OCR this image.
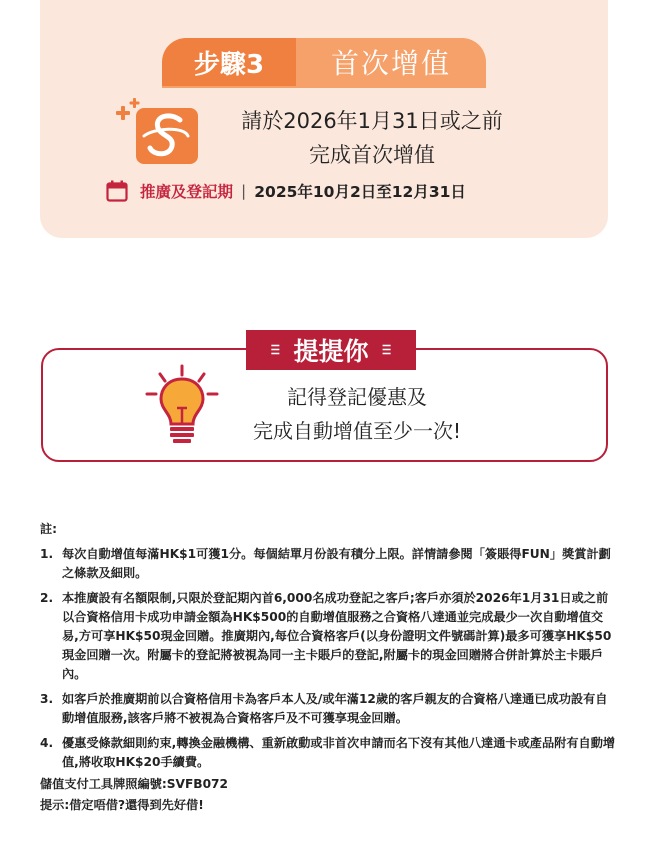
步驟3	首次增值
請於2026年1月31日或之前
完成首次增值
推廣及登記期 | 2025年10月2日至12月31日
Ⲷ 提提你 Ⲷ
記得登記優惠及
完成自動增值至少一次!
註:
1. 每次自動增值每滿HK$1可獲1分。每個結單月份設有積分上限。詳情請參閱「簽賬得FUN」獎賞計劃之條款及細則。
2. 本推廣設有名額限制,只限於登記期內首6,000名成功登記之客戶;客戶亦須於2026年1月31日或之前以合資格信用卡成功申請金額為HK$500的自動增值服務之合資格八達通並完成最少一次自動增值交易,方可享HK$50現金回贈。推廣期內,每位合資格客戶(以身份證明文件號碼計算)最多可獲享HK$50現金回贈一次。附屬卡的登記將被視為同一主卡賬戶的登記,附屬卡的現金回贈將合併計算於主卡賬戶內。
3. 如客戶於推廣期前以合資格信用卡為客戶本人及/或年滿12歲的客戶親友的合資格八達通已成功設有自動增值服務,該客戶將不被視為合資格客戶及不可獲享現金回贈。
4. 優惠受條款細則約束,轉換金融機構、重新啟動或非首次申請而名下沒有其他八達通卡或產品附有自動增值,將收取HK$20手續費。
儲值支付工具牌照編號:SVFB072
提示:借定唔借?還得到先好借!
